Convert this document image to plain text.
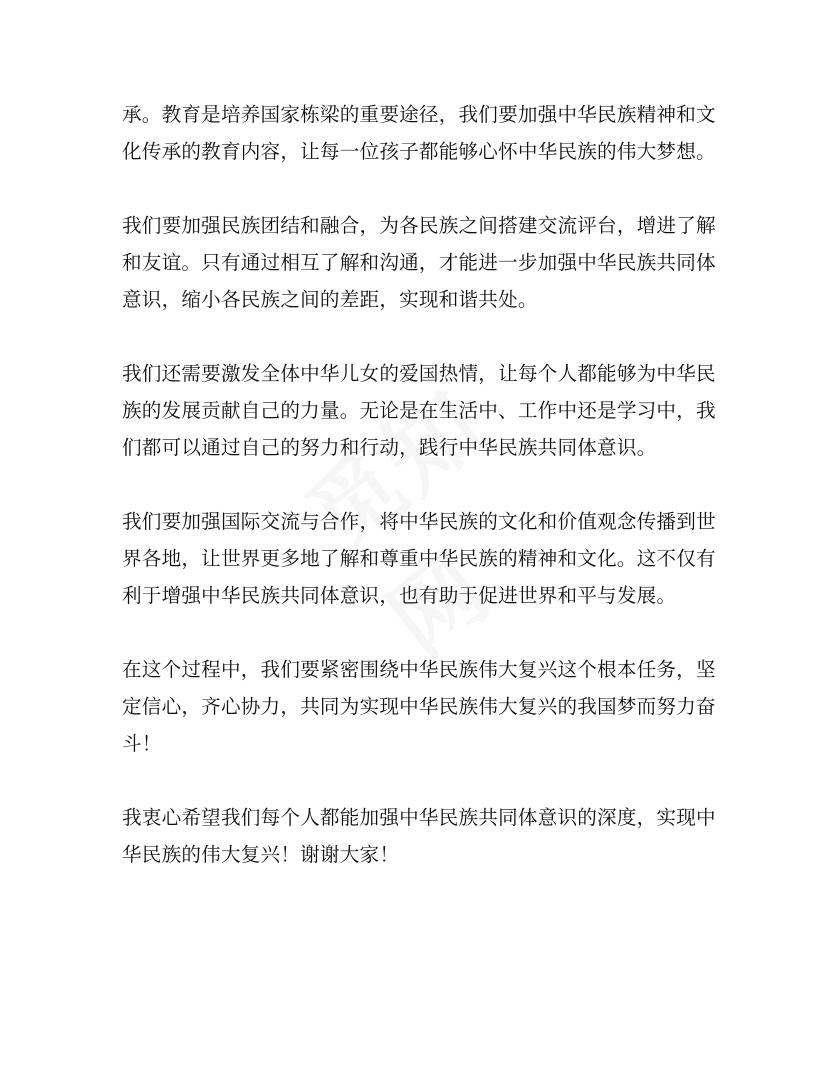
承。教育是培养国家栋梁的重要途径，我们要加强中华民族精神和文
化传承的教育内容，让每一位孩子都能够心怀中华民族的伟大梦想。

我们要加强民族团结和融合，为各民族之间搭建交流评台，增进了解
和友谊。只有通过相互了解和沟通，才能进一步加强中华民族共同体
意识，缩小各民族之间的差距，实现和谐共处。

我们还需要激发全体中华儿女的爱国热情，让每个人都能够为中华民
族的发展贡献自己的力量。无论是在生活中、工作中还是学习中，我
们都可以通过自己的努力和行动，践行中华民族共同体意识。

我们要加强国际交流与合作，将中华民族的文化和价值观念传播到世
界各地，让世界更多地了解和尊重中华民族的精神和文化。这不仅有
利于增强中华民族共同体意识，也有助于促进世界和平与发展。

在这个过程中，我们要紧密围绕中华民族伟大复兴这个根本任务，坚
定信心，齐心协力，共同为实现中华民族伟大复兴的我国梦而努力奋
斗！

我衷心希望我们每个人都能加强中华民族共同体意识的深度，实现中
华民族的伟大复兴！谢谢大家！
